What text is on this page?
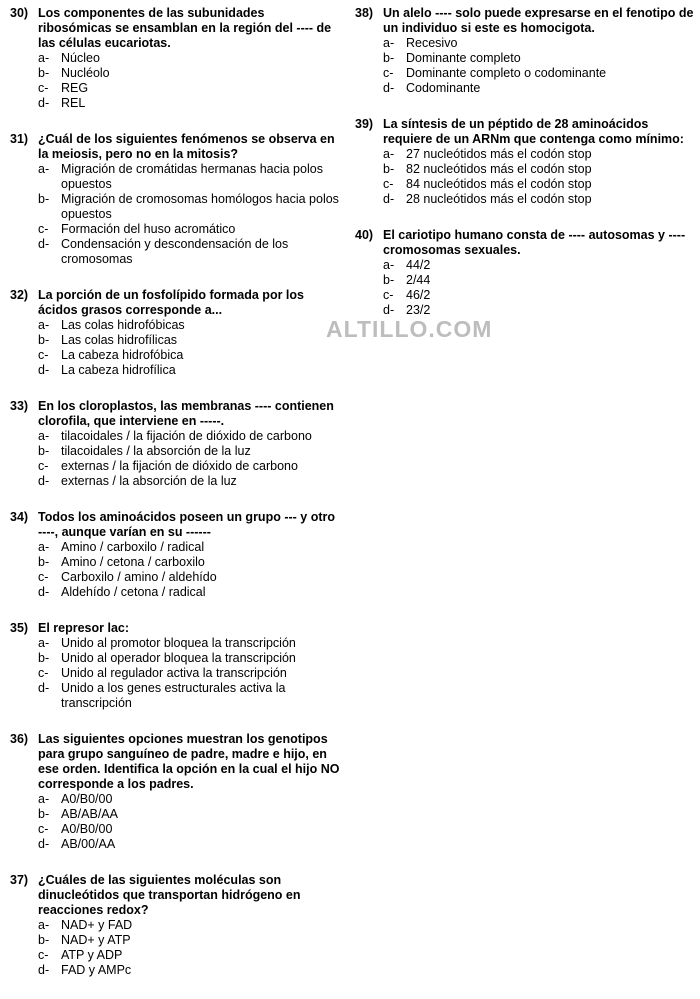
30) Los componentes de las subunidades ribosómicas se ensamblan en la región del ---- de las células eucariotas.
a- Núcleo
b- Nucléolo
c-	REG
d- REL
31) ¿Cuál de los siguientes fenómenos se observa en la meiosis, pero no en la mitosis?
a- Migración de cromátidas hermanas hacia polos opuestos
b- Migración de cromosomas homólogos hacia polos opuestos
c-	Formación del huso acromático
d- Condensación y descondensación de los cromosomas
32) La porción de un fosfolípido formada por los ácidos grasos corresponde a...
a- Las colas hidrofóbicas
b- Las colas hidrofílicas
c-	La cabeza hidrofóbica
d- La cabeza hidrofílica
33) En los cloroplastos, las membranas ---- contienen clorofila, que interviene en -----.
a- tilacoidales / la fijación de dióxido de carbono
b- tilacoidales / la absorción de la luz
c-	externas / la fijación de dióxido de carbono
d- externas / la absorción de la luz
34) Todos los aminoácidos poseen un grupo --- y otro ----, aunque varían en su ------
a- Amino / carboxilo / radical
b- Amino / cetona / carboxilo
c-	Carboxilo / amino / aldehído
d- Aldehído / cetona / radical
35) El represor lac:
a- Unido al promotor bloquea la transcripción
b- Unido al operador bloquea la transcripción
c-	Unido al regulador activa la transcripción
d- Unido a los genes estructurales activa la transcripción
36) Las siguientes opciones muestran los genotipos para grupo sanguíneo de padre, madre e hijo, en ese orden. Identifica la opción en la cual el hijo NO corresponde a los padres.
a- A0/B0/00
b- AB/AB/AA
c-	A0/B0/00
d- AB/00/AA
37) ¿Cuáles de las siguientes moléculas son dinucleótidos que transportan hidrógeno en reacciones redox?
a- NAD+ y FAD
b- NAD+ y ATP
c-	ATP y ADP
d- FAD y AMPc
38) Un alelo ---- solo puede expresarse en el fenotipo de un individuo si este es homocigota.
a- Recesivo
b- Dominante completo
c-	Dominante completo o codominante
d- Codominante
39) La síntesis de un péptido de 28 aminoácidos requiere de un ARNm que contenga como mínimo:
a- 27 nucleótidos más el codón stop
b- 82 nucleótidos más el codón stop
c-	84 nucleótidos más el codón stop
d- 28 nucleótidos más el codón stop
40) El cariotipo humano consta de ---- autosomas y ----cromosomas sexuales.
a- 44/2
b- 2/44
c-	46/2
d- 23/2
ALTILLO.COM
